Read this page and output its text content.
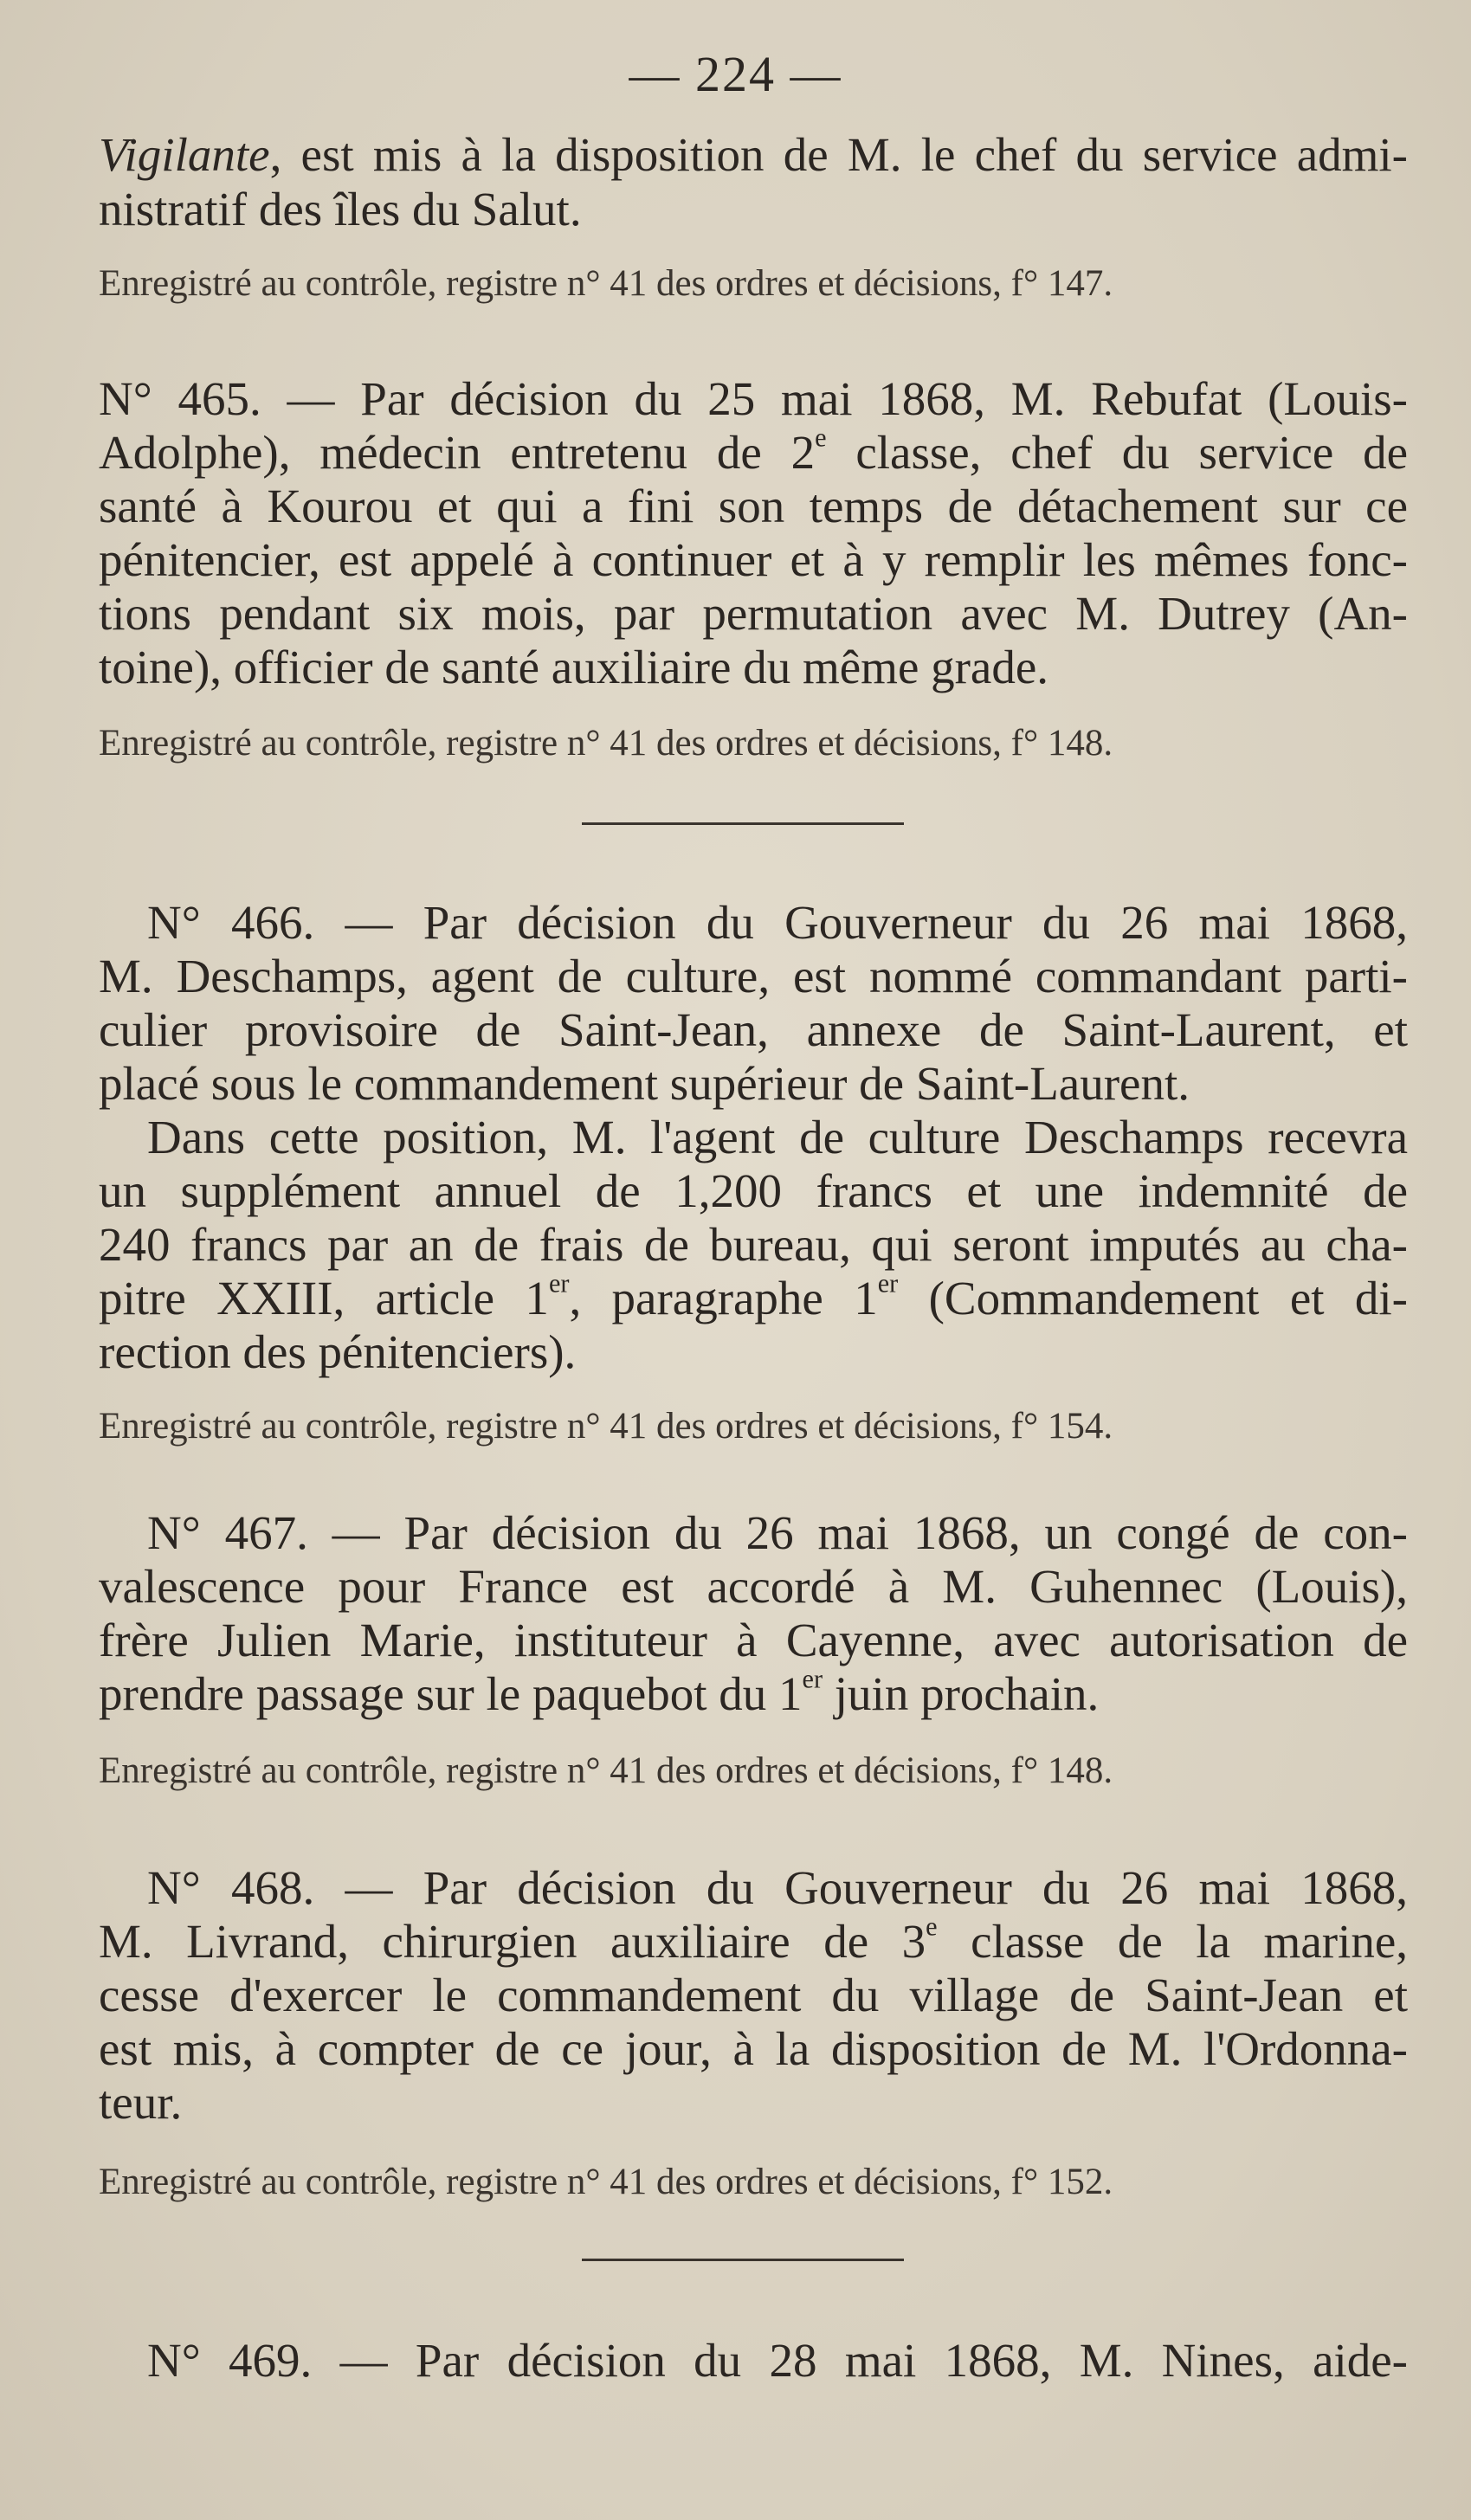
— 224 —
Vigilante, est mis à la disposition de M. le chef du service admi-
nistratif des îles du Salut.
Enregistré au contrôle, registre n° 41 des ordres et décisions, f° 147.
N° 465. — Par décision du 25 mai 1868, M. Rebufat (Louis-
Adolphe), médecin entretenu de 2e classe, chef du service de
santé à Kourou et qui a fini son temps de détachement sur ce
pénitencier, est appelé à continuer et à y remplir les mêmes fonc-
tions pendant six mois, par permutation avec M. Dutrey (An-
toine), officier de santé auxiliaire du même grade.
Enregistré au contrôle, registre n° 41 des ordres et décisions, f° 148.
N° 466. — Par décision du Gouverneur du 26 mai 1868,
M. Deschamps, agent de culture, est nommé commandant parti-
culier provisoire de Saint-Jean, annexe de Saint-Laurent, et
placé sous le commandement supérieur de Saint-Laurent.
Dans cette position, M. l'agent de culture Deschamps recevra
un supplément annuel de 1,200 francs et une indemnité de
240 francs par an de frais de bureau, qui seront imputés au cha-
pitre XXIII, article 1er, paragraphe 1er (Commandement et di-
rection des pénitenciers).
Enregistré au contrôle, registre n° 41 des ordres et décisions, f° 154.
N° 467. — Par décision du 26 mai 1868, un congé de con-
valescence pour France est accordé à M. Guhennec (Louis),
frère Julien Marie, instituteur à Cayenne, avec autorisation de
prendre passage sur le paquebot du 1er juin prochain.
Enregistré au contrôle, registre n° 41 des ordres et décisions, f° 148.
N° 468. — Par décision du Gouverneur du 26 mai 1868,
M. Livrand, chirurgien auxiliaire de 3e classe de la marine,
cesse d'exercer le commandement du village de Saint-Jean et
est mis, à compter de ce jour, à la disposition de M. l'Ordonna-
teur.
Enregistré au contrôle, registre n° 41 des ordres et décisions, f° 152.
N° 469. — Par décision du 28 mai 1868, M. Nines, aide-
